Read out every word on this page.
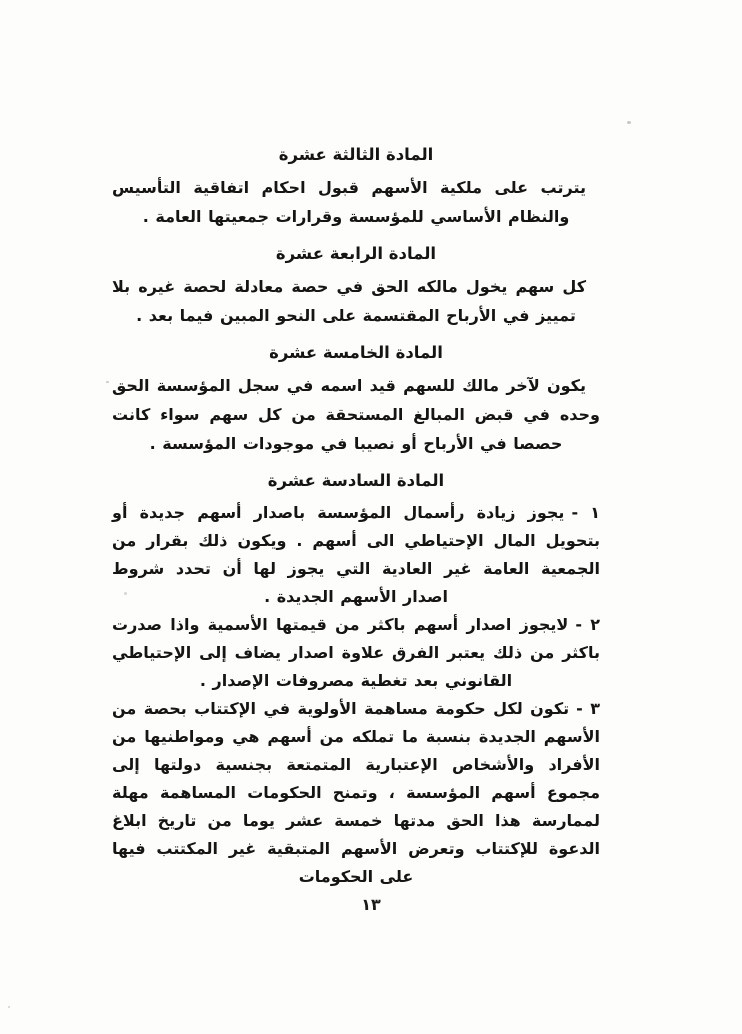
المادة الثالثة عشرة

يترتب على ملكية الأسهم قبول احكام اتفاقية التأسيس والنظام الأساسي للمؤسسة وقرارات جمعيتها العامة .

المادة الرابعة عشرة

كل سهم يخول مالكه الحق في حصة معادلة لحصة غيره بلا تمييز في الأرباح المقتسمة على النحو المبين فيما بعد .

المادة الخامسة عشرة

يكون لآخر مالك للسهم قيد اسمه في سجل المؤسسة الحق وحده في قبض المبالغ المستحقة من كل سهم سواء كانت حصصا في الأرباح أو نصيبا في موجودات المؤسسة .

المادة السادسة عشرة

١ -يجوز زيادة رأسمال المؤسسة باصدار أسهم جديدة أو بتحويل المال الإحتياطي الى أسهم . ويكون ذلك بقرار من الجمعية العامة غير العادية التي يجوز لها أن تحدد شروط اصدار الأسهم الجديدة .

٢ -لايجوز اصدار أسهم باكثر من قيمتها الأسمية واذا صدرت باكثر من ذلك يعتبر الفرق علاوة اصدار يضاف إلى الإحتياطي القانوني بعد تغطية مصروفات الإصدار .

٣ -تكون لكل حكومة مساهمة الأولوية في الإكتتاب بحصة من الأسهم الجديدة بنسبة ما تملكه من أسهم هي ومواطنيها من الأفراد والأشخاص الإعتبارية المتمتعة بجنسية دولتها إلى مجموع أسهم المؤسسة ، وتمنح الحكومات المساهمة مهلة لممارسة هذا الحق مدتها خمسة عشر يوما من تاريخ ابلاغ الدعوة للإكتتاب وتعرض الأسهم المتبقية غير المكتتب فيها على الحكومات

١٣
